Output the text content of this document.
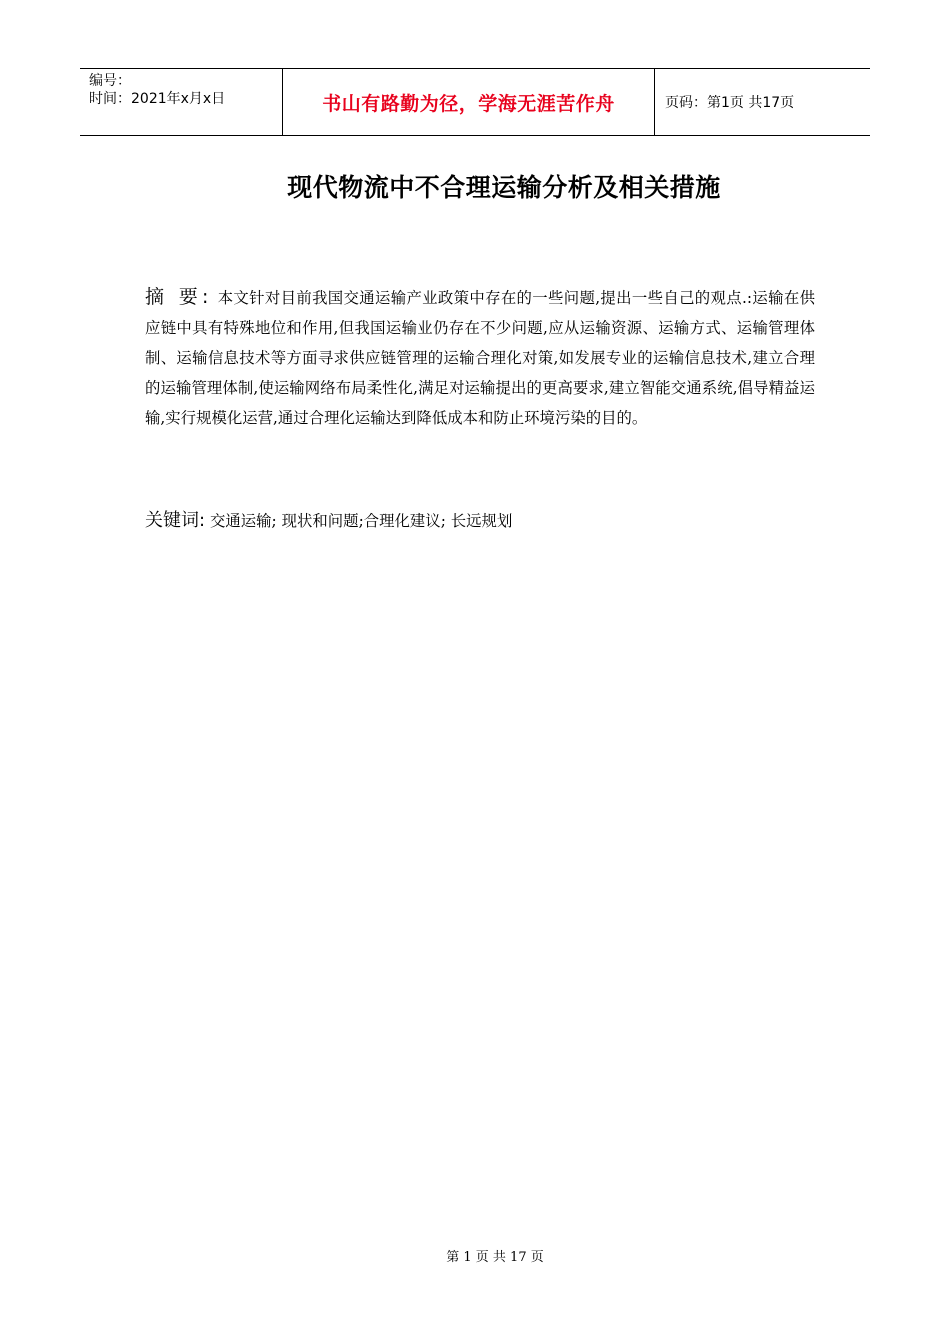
编号：
时间：2021年x月x日	书山有路勤为径，学海无涯苦作舟	页码：第1页 共17页
现代物流中不合理运输分析及相关措施
摘 要: 本文针对目前我国交通运输产业政策中存在的一些问题,提出一些自己的观点.:运输在供应链中具有特殊地位和作用,但我国运输业仍存在不少问题,应从运输资源、运输方式、运输管理体制、运输信息技术等方面寻求供应链管理的运输合理化对策,如发展专业的运输信息技术,建立合理的运输管理体制,使运输网络布局柔性化,满足对运输提出的更高要求,建立智能交通系统,倡导精益运输,实行规模化运营,通过合理化运输达到降低成本和防止环境污染的目的。
关键词: 交通运输; 现状和问题;合理化建议; 长远规划
第 1 页 共 17 页
